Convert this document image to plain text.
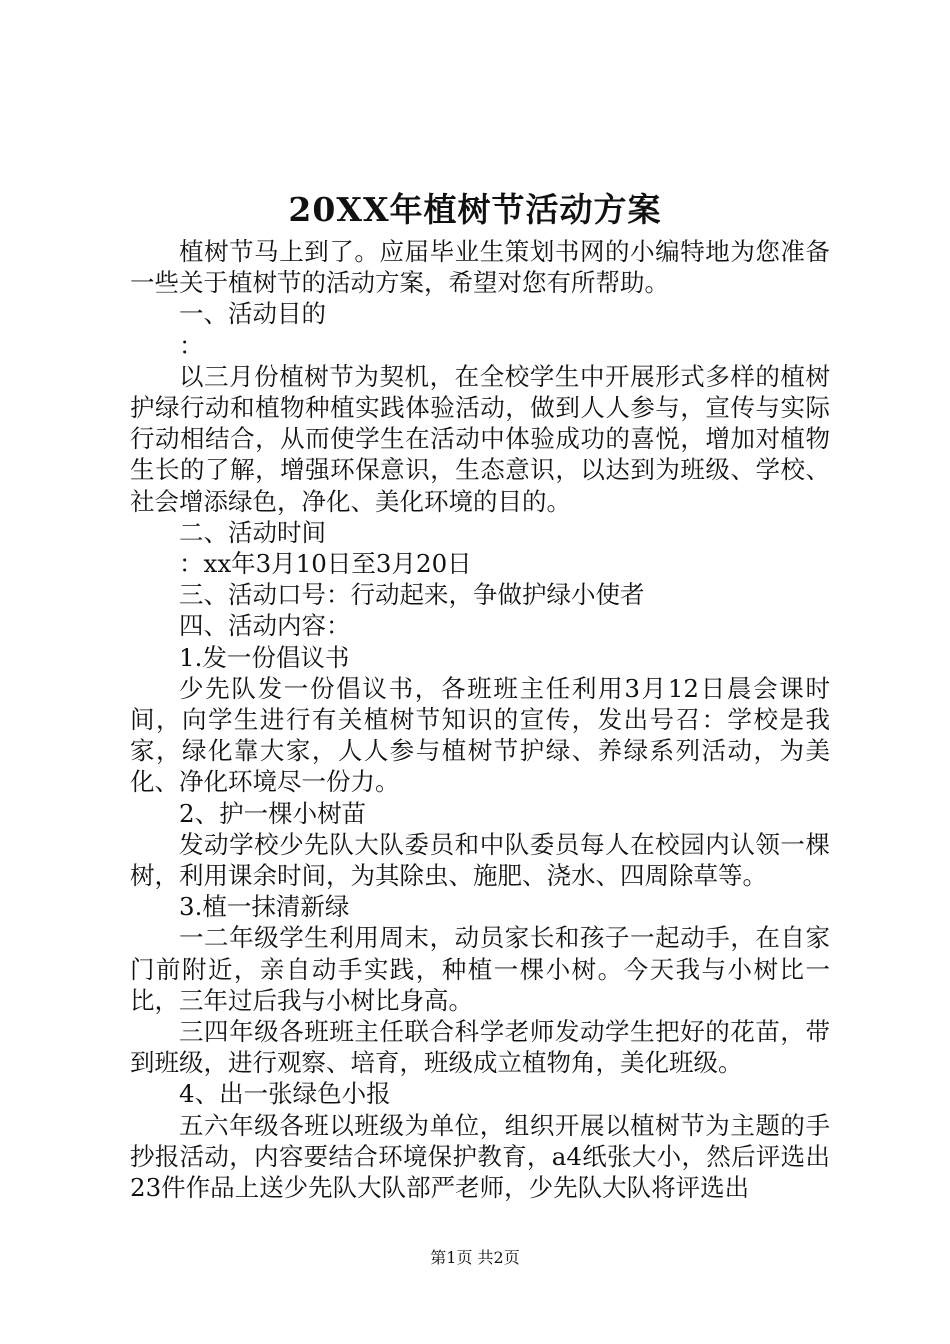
20XX年植树节活动方案

植树节马上到了。应届毕业生策划书网的小编特地为您准备一些关于植树节的活动方案，希望对您有所帮助。

一、活动目的

：

以三月份植树节为契机，在全校学生中开展形式多样的植树护绿行动和植物种植实践体验活动，做到人人参与，宣传与实际行动相结合，从而使学生在活动中体验成功的喜悦，增加对植物生长的了解，增强环保意识，生态意识，以达到为班级、学校、社会增添绿色，净化、美化环境的目的。

二、活动时间

：xx年3月10日至3月20日

三、活动口号：行动起来，争做护绿小使者

四、活动内容：

1.发一份倡议书

少先队发一份倡议书，各班班主任利用3月12日晨会课时间，向学生进行有关植树节知识的宣传，发出号召：学校是我家，绿化靠大家，人人参与植树节护绿、养绿系列活动，为美化、净化环境尽一份力。

2、护一棵小树苗

发动学校少先队大队委员和中队委员每人在校园内认领一棵树，利用课余时间，为其除虫、施肥、浇水、四周除草等。

3.植一抹清新绿

一二年级学生利用周末，动员家长和孩子一起动手，在自家门前附近，亲自动手实践，种植一棵小树。今天我与小树比一比，三年过后我与小树比身高。

三四年级各班班主任联合科学老师发动学生把好的花苗，带到班级，进行观察、培育，班级成立植物角，美化班级。

4、出一张绿色小报

五六年级各班以班级为单位，组织开展以植树节为主题的手抄报活动，内容要结合环境保护教育，a4纸张大小，然后评选出23件作品上送少先队大队部严老师，少先队大队将评选出

第1页 共2页
